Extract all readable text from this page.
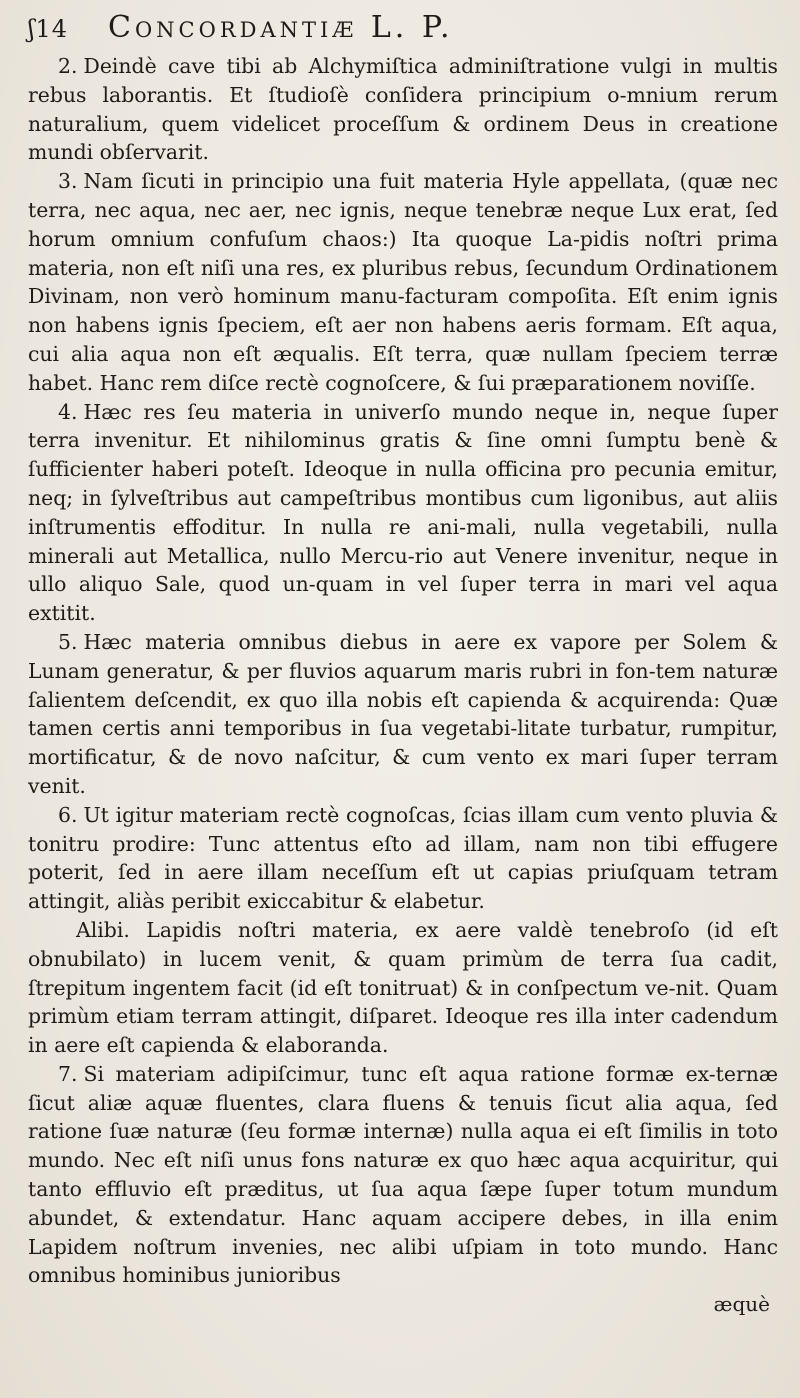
ʃ14	Concordantiæ L. P.

2. Deindè cave tibi ab Alchymiſtica adminiſtratione vulgi in multis rebus laborantis. Et ſtudioſè conſidera principium o-mnium rerum naturalium, quem videlicet proceſſum & ordinem Deus in creatione mundi obſervarit.

3. Nam ſicuti in principio una fuit materia Hyle appellata, (quæ nec terra, nec aqua, nec aer, nec ignis, neque tenebræ neque Lux erat, ſed horum omnium confuſum chaos:) Ita quoque La-pidis noſtri prima materia, non eſt niſi una res, ex pluribus rebus, ſecundum Ordinationem Divinam, non verò hominum manu-facturam compoſita. Eſt enim ignis non habens ignis ſpeciem, eſt aer non habens aeris formam. Eſt aqua, cui alia aqua non eſt æqualis. Eſt terra, quæ nullam ſpeciem terræ habet. Hanc rem diſce rectè cognoſcere, & ſui præparationem noviſſe.

4. Hæc res ſeu materia in univerſo mundo neque in, neque ſuper terra invenitur. Et nihilominus gratis & ſine omni ſumptu benè & ſufficienter haberi poteſt. Ideoque in nulla officina pro pecunia emitur, neq; in ſylveſtribus aut campeſtribus montibus cum ligonibus, aut aliis inſtrumentis effoditur. In nulla re ani-mali, nulla vegetabili, nulla minerali aut Metallica, nullo Mercu-rio aut Venere invenitur, neque in ullo aliquo Sale, quod un-quam in vel ſuper terra in mari vel aqua extitit.

5. Hæc materia omnibus diebus in aere ex vapore per Solem & Lunam generatur, & per fluvios aquarum maris rubri in fon-tem naturæ ſalientem deſcendit, ex quo illa nobis eſt capienda & acquirenda: Quæ tamen certis anni temporibus in ſua vegetabi-litate turbatur, rumpitur, mortificatur, & de novo naſcitur, & cum vento ex mari ſuper terram venit.

6. Ut igitur materiam rectè cognoſcas, ſcias illam cum vento pluvia & tonitru prodire: Tunc attentus eſto ad illam, nam non tibi effugere poterit, ſed in aere illam neceſſum eſt ut capias priuſquam tetram attingit, aliàs peribit exiccabitur & elabetur.

Alibi. Lapidis noſtri materia, ex aere valdè tenebroſo (id eſt obnubilato) in lucem venit, & quam primùm de terra ſua cadit, ſtrepitum ingentem facit (id eſt tonitruat) & in conſpectum ve-nit. Quam primùm etiam terram attingit, diſparet. Ideoque res illa inter cadendum in aere eſt capienda & elaboranda.

7. Si materiam adipiſcimur, tunc eſt aqua ratione formæ ex-ternæ ſicut aliæ aquæ fluentes, clara fluens & tenuis ſicut alia aqua, ſed ratione ſuæ naturæ (ſeu formæ internæ) nulla aqua ei eſt ſimilis in toto mundo. Nec eſt niſi unus fons naturæ ex quo hæc aqua acquiritur, qui tanto effluvio eſt præditus, ut ſua aqua ſæpe ſuper totum mundum abundet, & extendatur. Hanc aquam accipere debes, in illa enim Lapidem noſtrum invenies, nec alibi uſpiam in toto mundo. Hanc omnibus hominibus junioribus

æquè
